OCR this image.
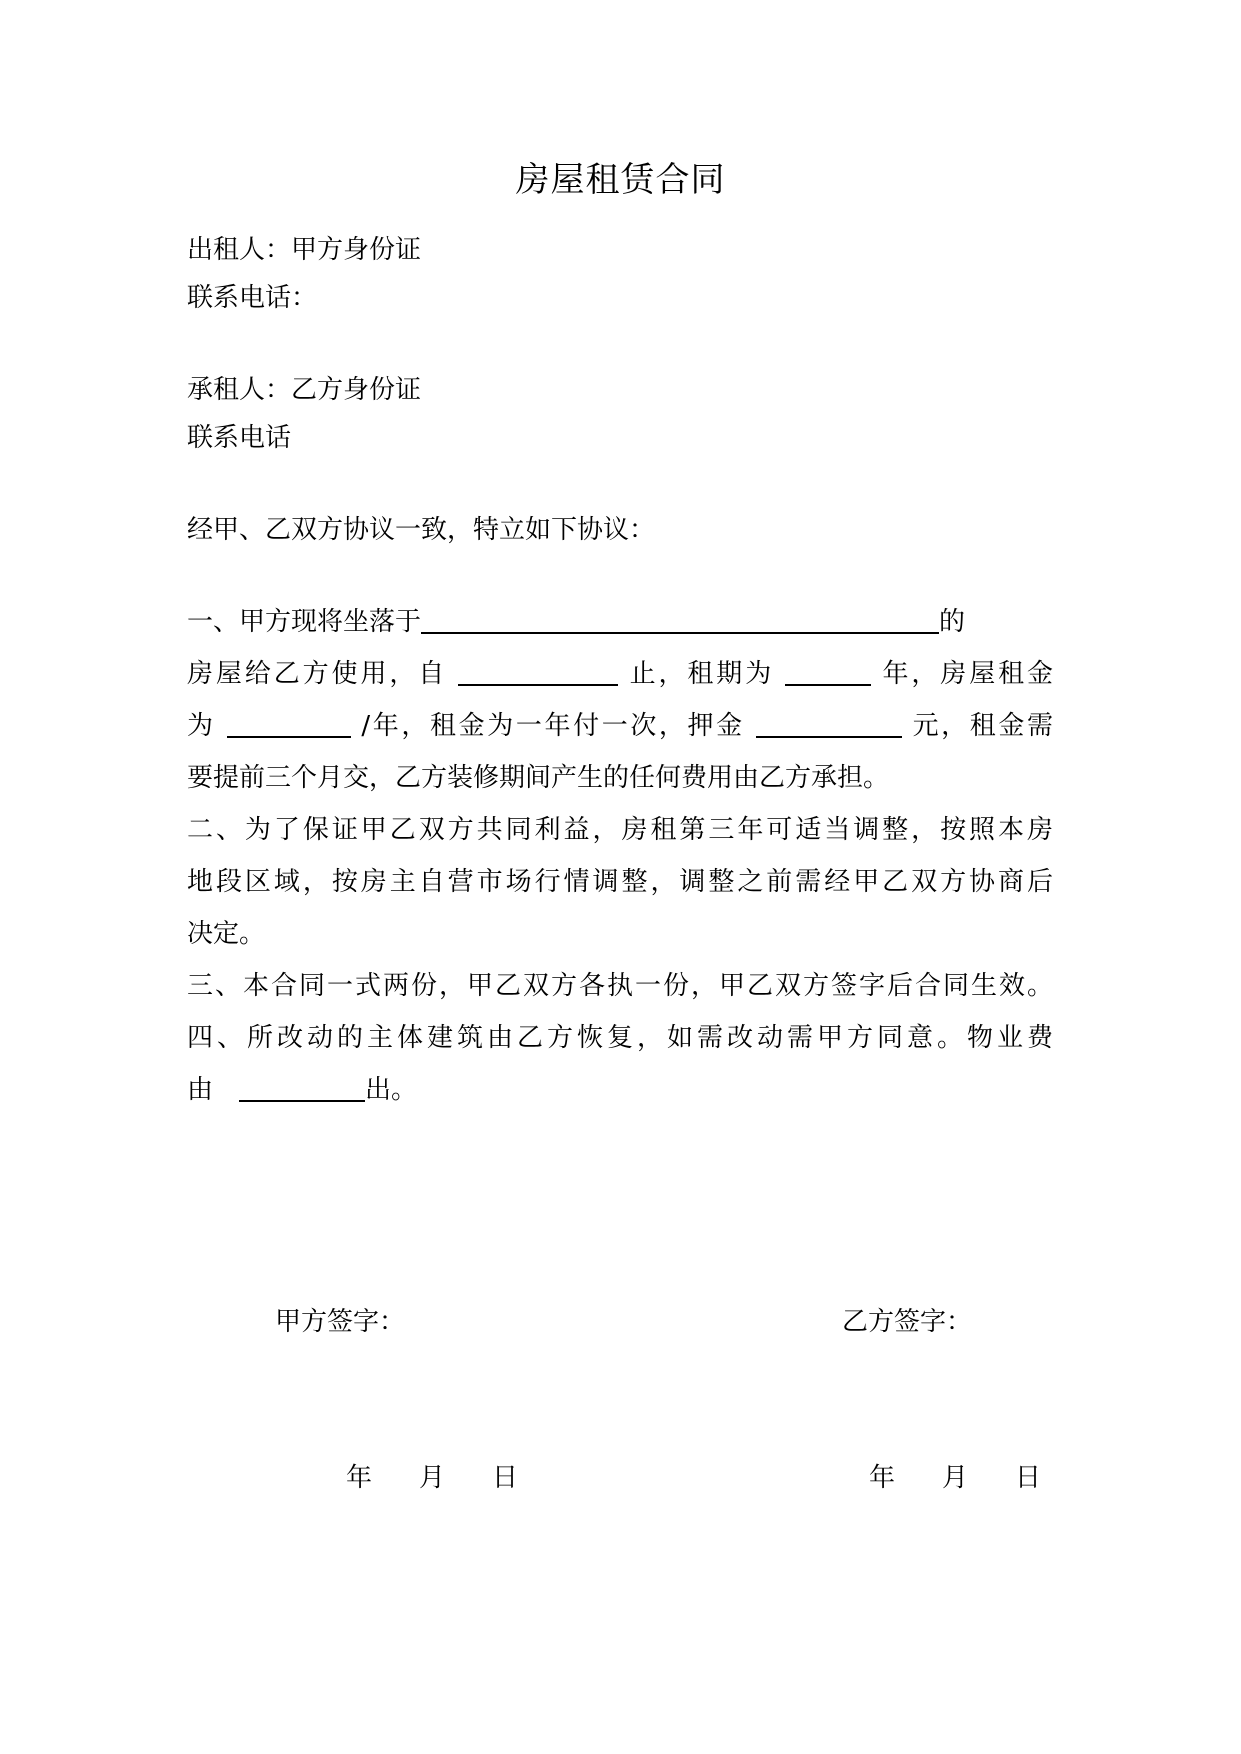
房屋租赁合同
出租人：甲方身份证
联系电话：
承租人：乙方身份证
联系电话
经甲、乙双方协议一致，特立如下协议：
一、甲方现将坐落于	的
房屋给乙方使用，自	止，租期为	年，房屋租金
为	/年，租金为一年付一次，押金	元，租金需
要提前三个月交，乙方装修期间产生的任何费用由乙方承担。
二、为了保证甲乙双方共同利益，房租第三年可适当调整，按照本房
地段区域，按房主自营市场行情调整，调整之前需经甲乙双方协商后
决定。
三、本合同一式两份，甲乙双方各执一份，甲乙双方签字后合同生效。
四、所改动的主体建筑由乙方恢复，如需改动需甲方同意。物业费
由	出。
甲方签字：	乙方签字：
年 月 日	年 月 日
